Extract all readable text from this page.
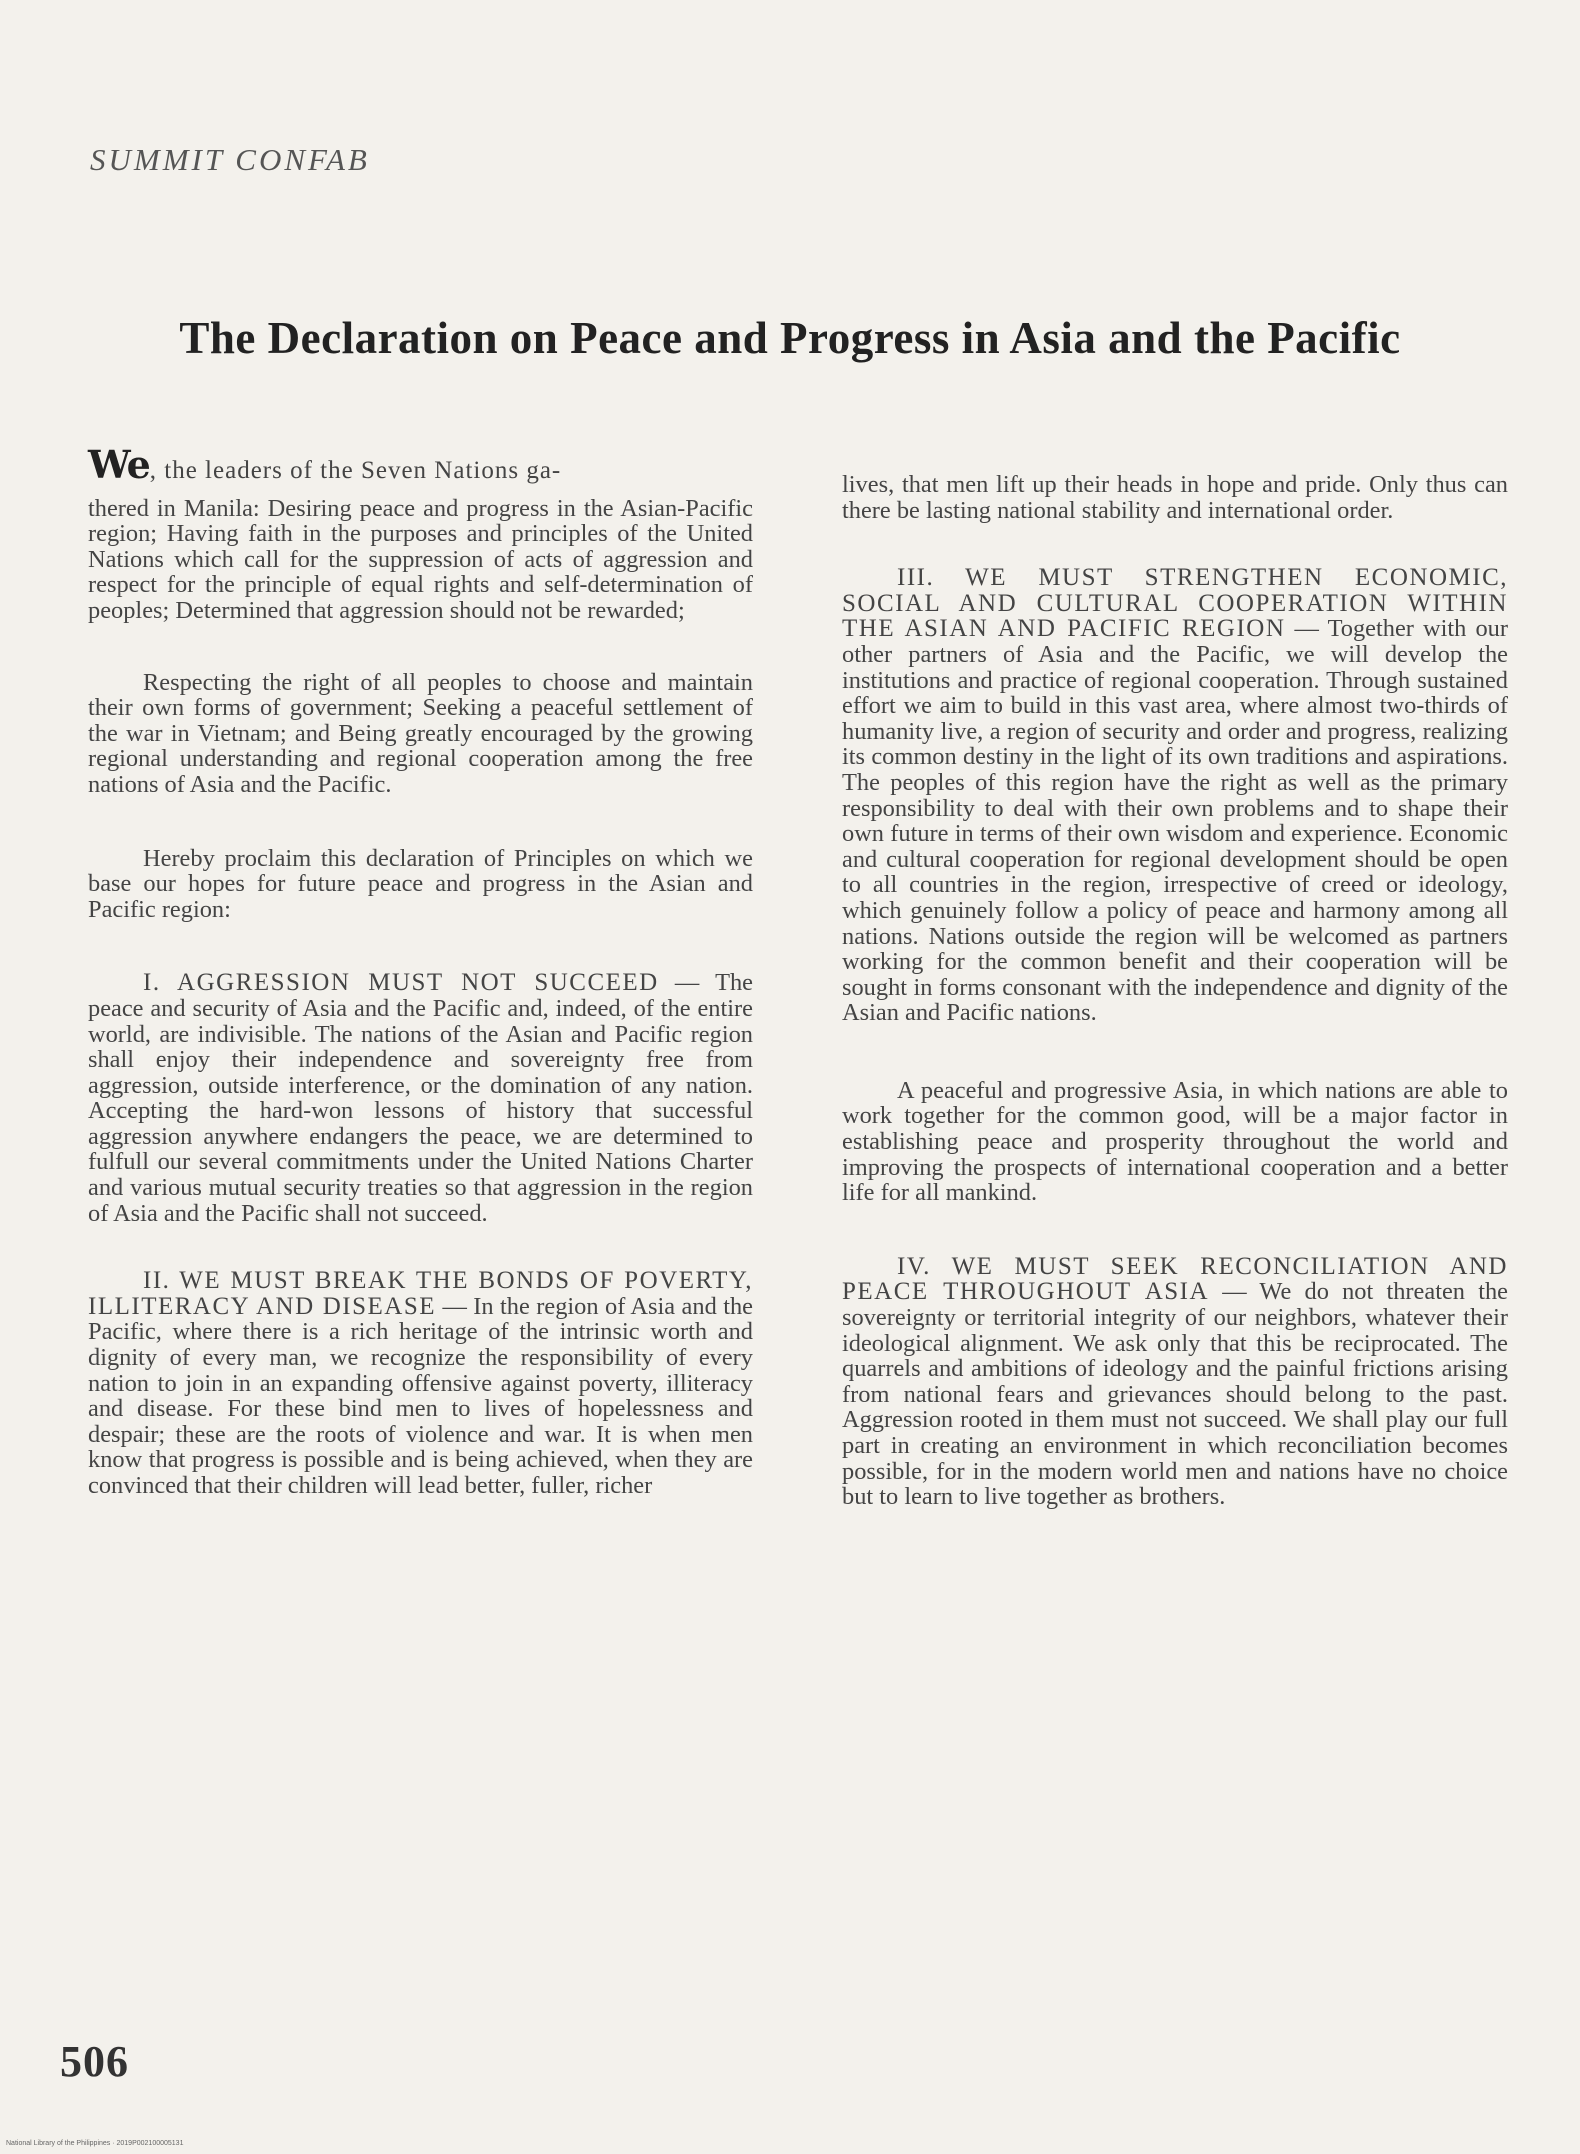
SUMMIT CONFAB
The Declaration on Peace and Progress in Asia and the Pacific

We, the leaders of the Seven Nations ga-
thered in Manila: Desiring peace and progress in the Asian-Pacific region; Having faith in the purposes and principles of the United Nations which call for the suppression of acts of aggression and respect for the principle of equal rights and self-determination of peoples; Determined that aggression should not be rewarded;

Respecting the right of all peoples to choose and maintain their own forms of government; Seeking a peaceful settlement of the war in Vietnam; and Being greatly encouraged by the growing regional understanding and regional cooperation among the free nations of Asia and the Pacific.

Hereby proclaim this declaration of Principles on which we base our hopes for future peace and progress in the Asian and Pacific region:

I. AGGRESSION MUST NOT SUCCEED — The peace and security of Asia and the Pacific and, indeed, of the entire world, are indivisible. The nations of the Asian and Pacific region shall enjoy their independence and sovereignty free from aggression, outside interference, or the domination of any nation. Accepting the hard-won lessons of history that successful aggression anywhere endangers the peace, we are determined to fulfull our several commitments under the United Nations Charter and various mutual security treaties so that aggression in the region of Asia and the Pacific shall not succeed.

II. WE MUST BREAK THE BONDS OF POVERTY, ILLITERACY AND DISEASE — In the region of Asia and the Pacific, where there is a rich heritage of the intrinsic worth and dignity of every man, we recognize the responsibility of every nation to join in an expanding offensive against poverty, illiteracy and disease. For these bind men to lives of hopelessness and despair; these are the roots of violence and war. It is when men know that progress is possible and is being achieved, when they are convinced that their children will lead better, fuller, richer

lives, that men lift up their heads in hope and pride. Only thus can there be lasting national stability and international order.

III. WE MUST STRENGTHEN ECONOMIC, SOCIAL AND CULTURAL COOPERATION WITHIN THE ASIAN AND PACIFIC REGION — Together with our other partners of Asia and the Pacific, we will develop the institutions and practice of regional cooperation. Through sustained effort we aim to build in this vast area, where almost two-thirds of humanity live, a region of security and order and progress, realizing its common destiny in the light of its own traditions and aspirations. The peoples of this region have the right as well as the primary responsibility to deal with their own problems and to shape their own future in terms of their own wisdom and experience. Economic and cultural cooperation for regional development should be open to all countries in the region, irrespective of creed or ideology, which genuinely follow a policy of peace and harmony among all nations. Nations outside the region will be welcomed as partners working for the common benefit and their cooperation will be sought in forms consonant with the independence and dignity of the Asian and Pacific nations.

A peaceful and progressive Asia, in which nations are able to work together for the common good, will be a major factor in establishing peace and prosperity throughout the world and improving the prospects of international cooperation and a better life for all mankind.

IV. WE MUST SEEK RECONCILIATION AND PEACE THROUGHOUT ASIA — We do not threaten the sovereignty or territorial integrity of our neighbors, whatever their ideological alignment. We ask only that this be reciprocated. The quarrels and ambitions of ideology and the painful frictions arising from national fears and grievances should belong to the past. Aggression rooted in them must not succeed. We shall play our full part in creating an environment in which reconciliation becomes possible, for in the modern world men and nations have no choice but to learn to live together as brothers.

506
National Library of the Philippines · 2019P002100005131
